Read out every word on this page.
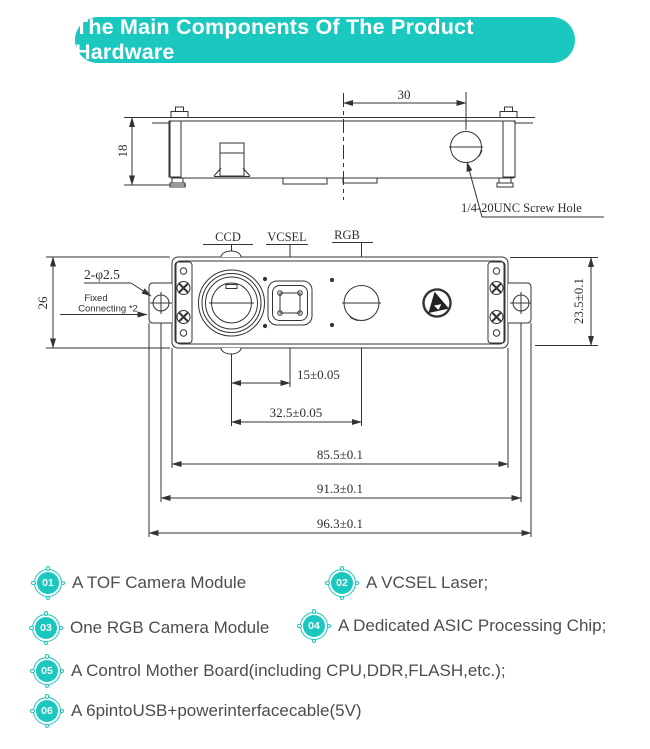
The Main Components Of The Product Hardware
30
18
1/4-20UNC Screw Hole
CCD VCSEL RGB
26	23.5±0.1
2-φ2.5
Fixed
Connecting *2
15±0.05
32.5±0.05
85.5±0.1
91.3±0.1
96.3±0.1
01	A TOF Camera Module	02	A VCSEL Laser;
03	One RGB Camera Module	04	A Dedicated ASIC Processing Chip;
05	A Control Mother Board(including CPU,DDR,FLASH,etc.);
06	A 6pintoUSB+powerinterfacecable(5V)
